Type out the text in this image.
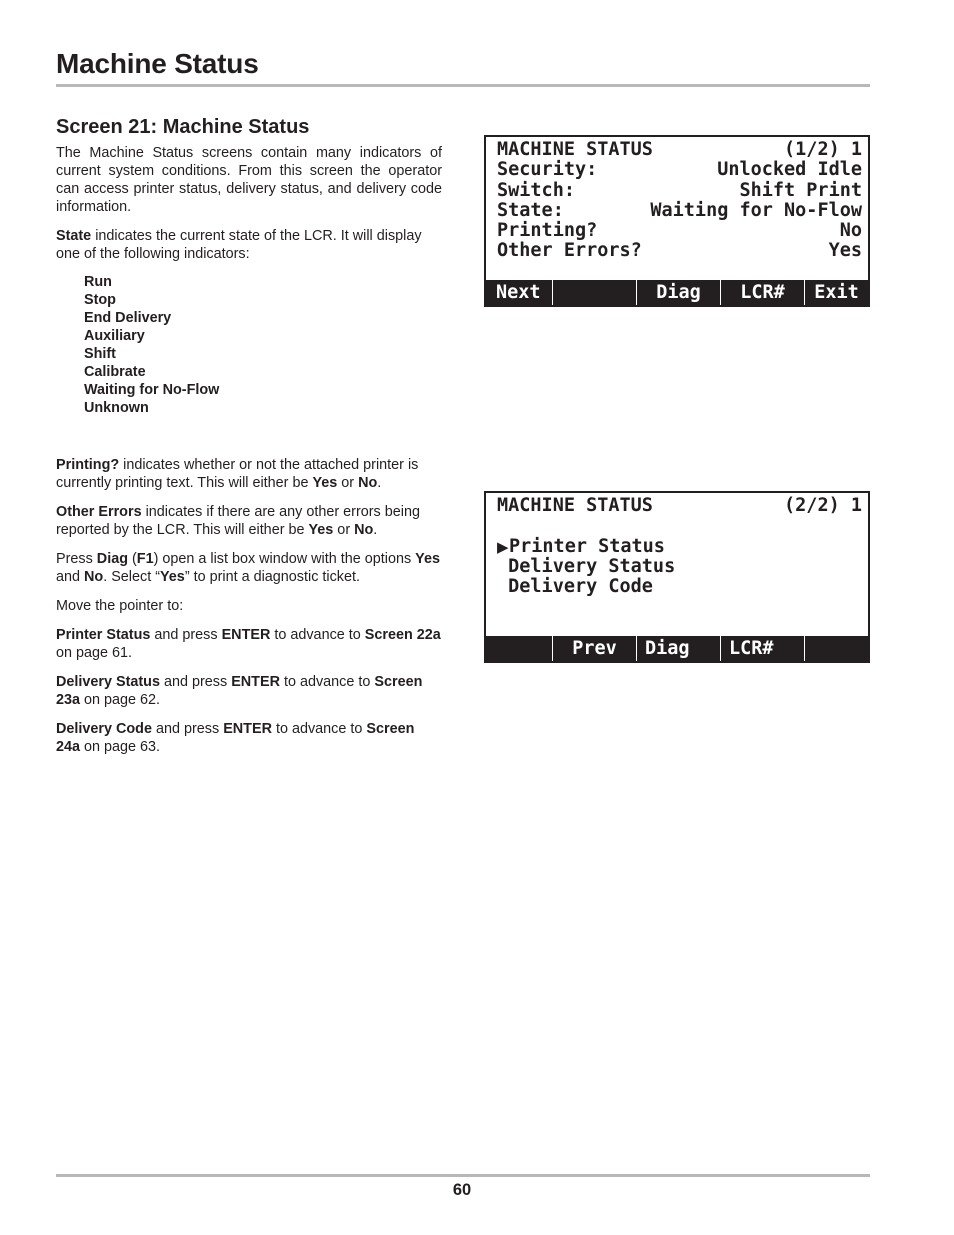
Machine Status
Screen 21: Machine Status

The Machine Status screens contain many indicators of current system conditions. From this screen the operator can access printer status, delivery status, and delivery code information.

State indicates the current state of the LCR. It will display one of the following indicators:

Run
Stop
End Delivery
Auxiliary
Shift
Calibrate
Waiting for No-Flow
Unknown

Printing? indicates whether or not the attached printer is currently printing text. This will either be Yes or No.

Other Errors indicates if there are any other errors being reported by the LCR. This will either be Yes or No.

Press Diag (F1) open a list box window with the options Yes and No. Select “Yes” to print a diagnostic ticket.

Move the pointer to:

Printer Status and press ENTER to advance to Screen 22a on page 61.

Delivery Status and press ENTER to advance to Screen 23a on page 62.

Delivery Code and press ENTER to advance to Screen 24a on page 63.

MACHINE STATUS	(1/2) 1
Security:	Unlocked Idle
Switch:	Shift Print
State:	Waiting for No-Flow
Printing?	No
Other Errors?	Yes
Next	Diag	LCR#	Exit
MACHINE STATUS	(2/2) 1
▶Printer Status
Delivery Status
Delivery Code
Prev	Diag	LCR#
60
